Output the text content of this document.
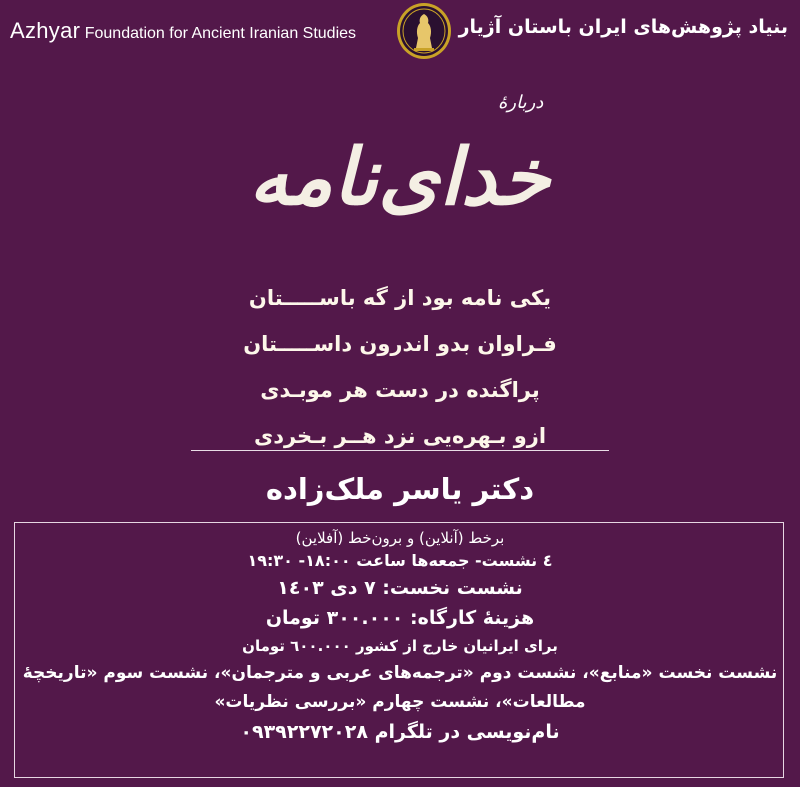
Azhyar Foundation for Ancient Iranian Studies	بنیاد پژوهش‌های ایران باستان آژیار
دربارهٔ
خدای‌نامه
یکی نامه بود از گه باســـــتان
فـراوان بدو اندرون داســـــتان
پراگنده در دست هر موبـدی
ازو بـهره‌یی نزد هــر بـخردی
دکتر یاسر ملک‌زاده
برخط (آنلاین) و برون‌خط (آفلاین)
٤ نشست- جمعه‌ها ساعت ١٨:٠٠- ١٩:٣٠
نشست نخست: ٧ دی ١٤٠٣
هزینهٔ کارگاه: ٣٠٠.٠٠٠ تومان
برای ایرانیان خارج از کشور ٦٠٠.٠٠٠ تومان
نشست نخست «منابع»، نشست دوم «ترجمه‌های عربی و مترجمان»، نشست سوم «تاریخچهٔ مطالعات»، نشست چهارم «بررسی نظریات»
نام‌نویسی در تلگرام ٠٩٣٩٢٢٧٢٠٢٨
